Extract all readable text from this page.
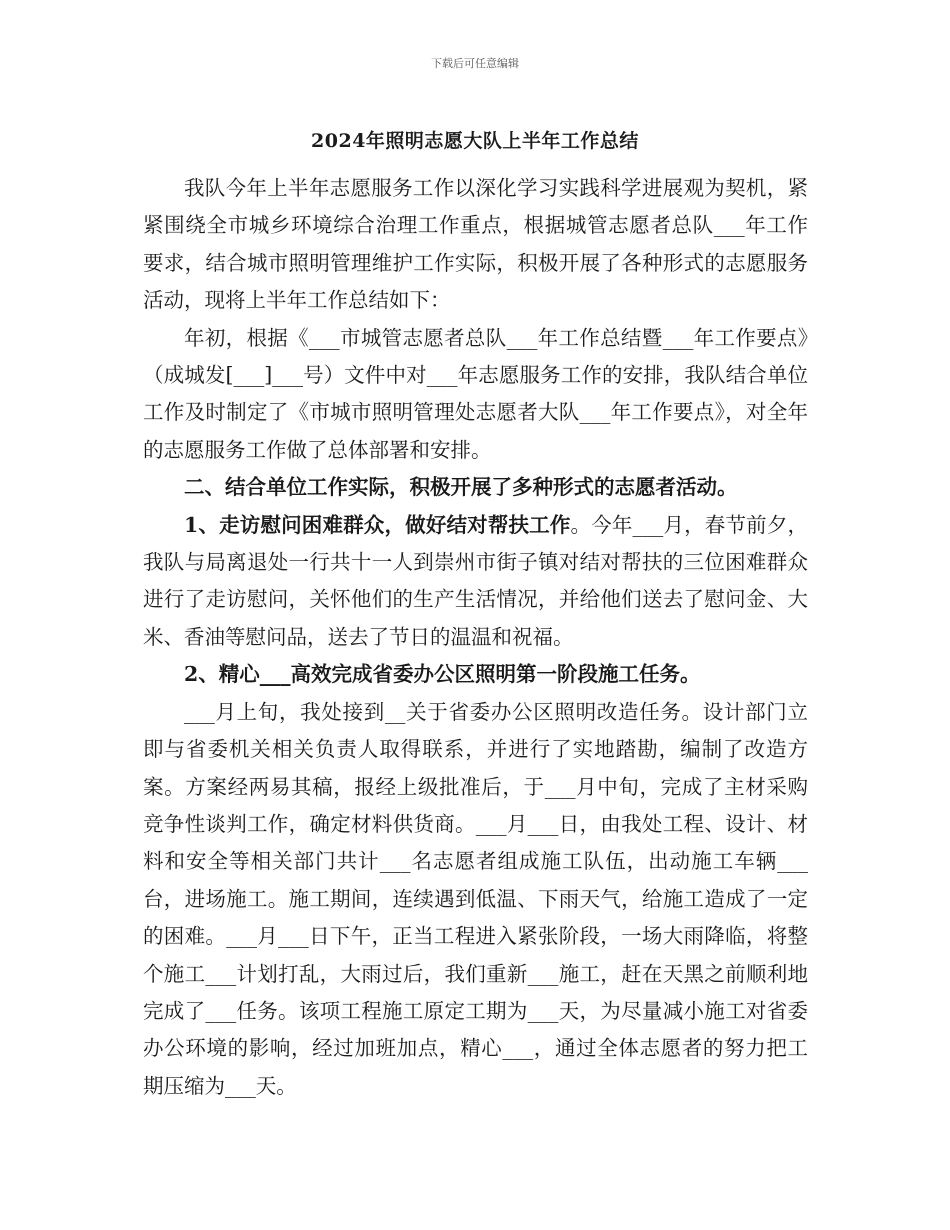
下载后可任意编辑
2024年照明志愿大队上半年工作总结

我队今年上半年志愿服务工作以深化学习实践科学进展观为契机，紧紧围绕全市城乡环境综合治理工作重点，根据城管志愿者总队___年工作要求，结合城市照明管理维护工作实际，积极开展了各种形式的志愿服务活动，现将上半年工作总结如下：

年初，根据《___市城管志愿者总队___年工作总结暨___年工作要点》（成城发[___]___号）文件中对___年志愿服务工作的安排，我队结合单位工作及时制定了《市城市照明管理处志愿者大队___年工作要点》，对全年的志愿服务工作做了总体部署和安排。

二、结合单位工作实际，积极开展了多种形式的志愿者活动。

1、走访慰问困难群众，做好结对帮扶工作。今年___月，春节前夕，我队与局离退处一行共十一人到崇州市街子镇对结对帮扶的三位困难群众进行了走访慰问，关怀他们的生产生活情况，并给他们送去了慰问金、大米、香油等慰问品，送去了节日的温温和祝福。

2、精心___高效完成省委办公区照明第一阶段施工任务。

___月上旬，我处接到__关于省委办公区照明改造任务。设计部门立即与省委机关相关负责人取得联系，并进行了实地踏勘，编制了改造方案。方案经两易其稿，报经上级批准后，于___月中旬，完成了主材采购竞争性谈判工作，确定材料供货商。___月___日，由我处工程、设计、材料和安全等相关部门共计___名志愿者组成施工队伍，出动施工车辆___台，进场施工。施工期间，连续遇到低温、下雨天气，给施工造成了一定的困难。___月___日下午，正当工程进入紧张阶段，一场大雨降临，将整个施工___计划打乱，大雨过后，我们重新___施工，赶在天黑之前顺利地完成了___任务。该项工程施工原定工期为___天，为尽量减小施工对省委办公环境的影响，经过加班加点，精心___，通过全体志愿者的努力把工期压缩为___天。
